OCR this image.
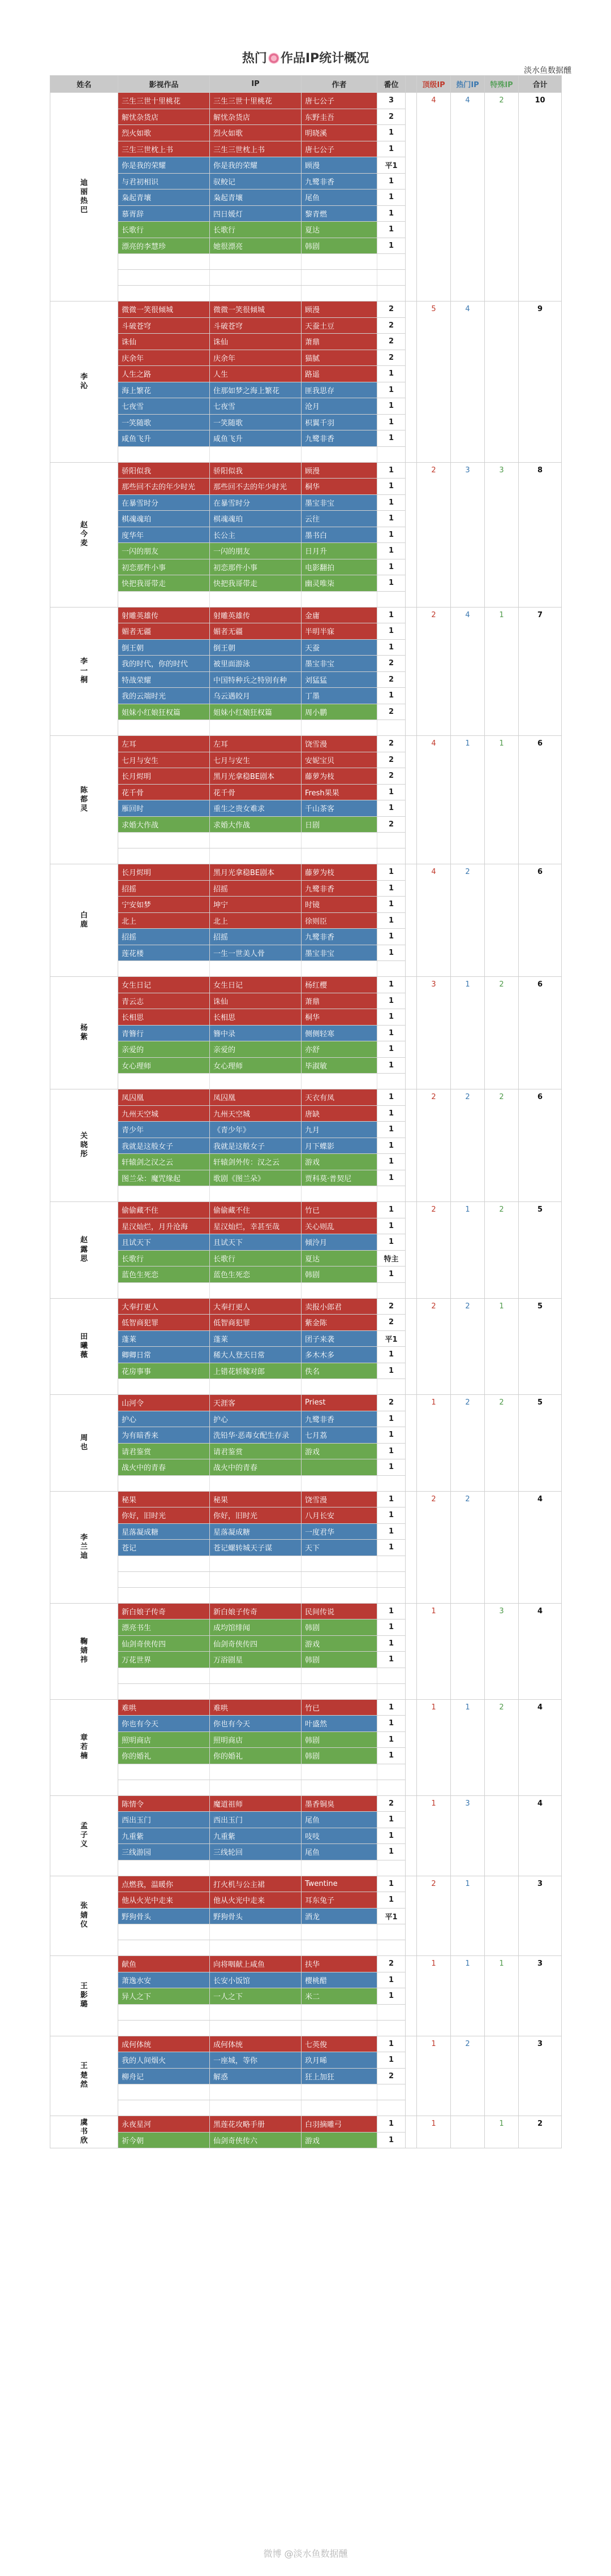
热门 作品IP统计概况
淡水鱼数据醺
姓名	影视作品	IP	作者	番位		顶级IP	热门IP	特殊IP	合计

迪
丽
热
巴	三生三世十里桃花	三生三世十里桃花	唐七公子	3		4	4	2	10
	解忧杂货店	解忧杂货店	东野圭吾	2					
	烈火如歌	烈火如歌	明晓溪	1					
	三生三世枕上书	三生三世枕上书	唐七公子	1					
	你是我的荣耀	你是我的荣耀	顾漫	平1					
	与君初相识	驭鲛记	九鹭非香	1					
	枭起青壤	枭起青壤	尾鱼	1					
	慕胥辞	四日媛灯	黎青燃	1					
	长歌行	长歌行	夏达	1					
	漂亮的李慧珍	她很漂亮	韩剧	1					

李
沁	微微一笑很倾城	微微一笑很倾城	顾漫	2		5	4		9
	斗破苍穹	斗破苍穹	天蚕土豆	2					
	诛仙	诛仙	萧鼎	2					
	庆余年	庆余年	猫腻	2					
	人生之路	人生	路遥	1					
	海上繁花	住那如梦之海上繁花	匪我思存	1					
	七夜雪	七夜雪	沧月	1					
	一笑随歌	一笑随歌	枳翼千羽	1					
	咸鱼飞升	咸鱼飞升	九鹭非香	1					

赵
今
麦	骄阳似我	骄阳似我	顾漫	1		2	3	3	8
	那些回不去的年少时光	那些回不去的年少时光	桐华	1					
	在暴雪时分	在暴雪时分	墨宝非宝	1					
	棋魂魂珀	棋魂魂珀	云往	1					
	度华年	长公主	墨书白	1					
	一闪的朋友	一闪的朋友	日月升	1					
	初恋那件小事	初恋那件小事	电影翻拍	1					
	快把我哥带走	快把我哥带走	幽灵唯柒	1					

李
一
桐	射雕英雄传	射雕英雄传	金庸	1		2	4	1	7
	媚者无疆	媚者无疆	半明半寐	1					
	倒王朝	倒王朝	天蚕	1					
	我的时代，你的时代	被里面游泳	墨宝非宝	2					
	特战荣耀	中国特种兵之特别有种	刘猛猛	2					
	我的云端时光	乌云遇皎月	丁墨	1					
	姐妹小红娘狂权篇	姐妹小红娘狂权篇	周小鹏	2					

陈
都
灵	左耳	左耳	饶雪漫	2		4	1	1	6
	七月与安生	七月与安生	安妮宝贝	2					
	长月烬明	黑月光拿稳BE剧本	藤萝为枝	2					
	花千骨	花千骨	Fresh果果	1					
	雁回时	重生之贵女难求	千山茶客	1					
	求婚大作战	求婚大作战	日剧	2					

白
鹿	长月烬明	黑月光拿稳BE剧本	藤萝为枝	1		4	2		6
	招摇	招摇	九鹭非香	1					
	宁安如梦	坤宁	时镜	1					
	北上	北上	徐则臣	1					
	招摇	招摇	九鹭非香	1					
	莲花楼	一生一世美人骨	墨宝非宝	1					

杨
紫	女生日记	女生日记	杨红樱	1		3	1	2	6
	青云志	诛仙	萧鼎	1					
	长相思	长相思	桐华	1					
	青簪行	簪中录	侧侧轻寒	1					
	亲爱的	亲爱的	亦舒	1					
	女心理师	女心理师	毕淑敏	1					

关
晓
彤	凤囚凰	凤囚凰	天衣有凤	1		2	2	2	6
	九州天空城	九州天空城	唐缺	1					
	青少年	《青少年》	九月	1					
	我就是这般女子	我就是这般女子	月下蝶影	1					
	轩辕剑之汉之云	轩辕剑外传：汉之云	游戏	1					
	图兰朵：魔咒缘起	歌剧《图兰朵》	贾科莫·普契尼	1					

赵
露
思	偷偷藏不住	偷偷藏不住	竹已	1		2	1	2	5
	星汉灿烂，月升沧海	星汉灿烂，幸甚至哉	关心则乱	1					
	且试天下	且试天下	倾泠月	1					
	长歌行	长歌行	夏达	特主					
	蓝色生死恋	蓝色生死恋	韩剧	1					

田
曦
薇	大奉打更人	大奉打更人	卖报小郎君	2		2	2	1	5
	低智商犯罪	低智商犯罪	紫金陈	2					
	蓬莱	蓬莱	团子来袭	平1					
	卿卿日常	稀大人登天日常	多木木多	1					
	花房事事	上错花轿嫁对郎	佚名	1					

周
也	山河令	天涯客	Priest	2		1	2	2	5
	护心	护心	九鹭非香	1					
	为有暗香来	洗铅华·恶毒女配生存录	七月荔	1					
	请君鉴赏	请君鉴赏	游戏	1					
	战火中的青春	战火中的青春		1					

李
兰
迪	秘果	秘果	饶雪漫	1		2	2		4
	你好，旧时光	你好，旧时光	八月长安	1					
	星落凝成糖	星落凝成糖	一度君华	1					
	苍记	苍记螺转城天子谋	天下	1					

鞠
婧
祎	新白娘子传奇	新白娘子传奇	民间传说	1		1		3	4
	漂亮书生	成均馆绯闻	韩剧	1					
	仙剑奇侠传四	仙剑奇侠传四	游戏	1					
	万花世界	万浴剧星	韩剧	1					

章
若
楠	难哄	难哄	竹已	1		1	1	2	4
	你也有今天	你也有今天	叶盛然	1					
	照明商店	照明商店	韩剧	1					
	你的婚礼	你的婚礼	韩剧	1					

孟
子
义	陈情令	魔道祖师	墨香铜臭	2		1	3		4
	西出玉门	西出玉门	尾鱼	1					
	九重紫	九重紫	吱吱	1					
	三线游园	三线轮回	尾鱼	1					

张
婧
仪	点燃我，温暖你	打火机与公主裙	Twentine	1		2	1		3
	他从火光中走来	他从火光中走来	耳东兔子	1					
	野狗骨头	野狗骨头	酒龙	平1					

王
影
璐	献鱼	向将咽献上咸鱼	扶华	2		1	1	1	3
	萧逸水安	长安小饭馆	樱桃醋	1					
	异人之下	一人之下	米二	1					

王
楚
然	成何体统	成何体统	七英俊	1		1	2		3
	我的人间烟火	一座城，等你	玖月晞	1					
	柳舟记	解惑	狂上加狂	2					

虞
书
欣	永夜星河	黑莲花攻略手册	白羽摘雕弓	1		1		1	2
	祈今朝	仙剑奇侠传六	游戏	1					
微博 @淡水鱼数据醺
